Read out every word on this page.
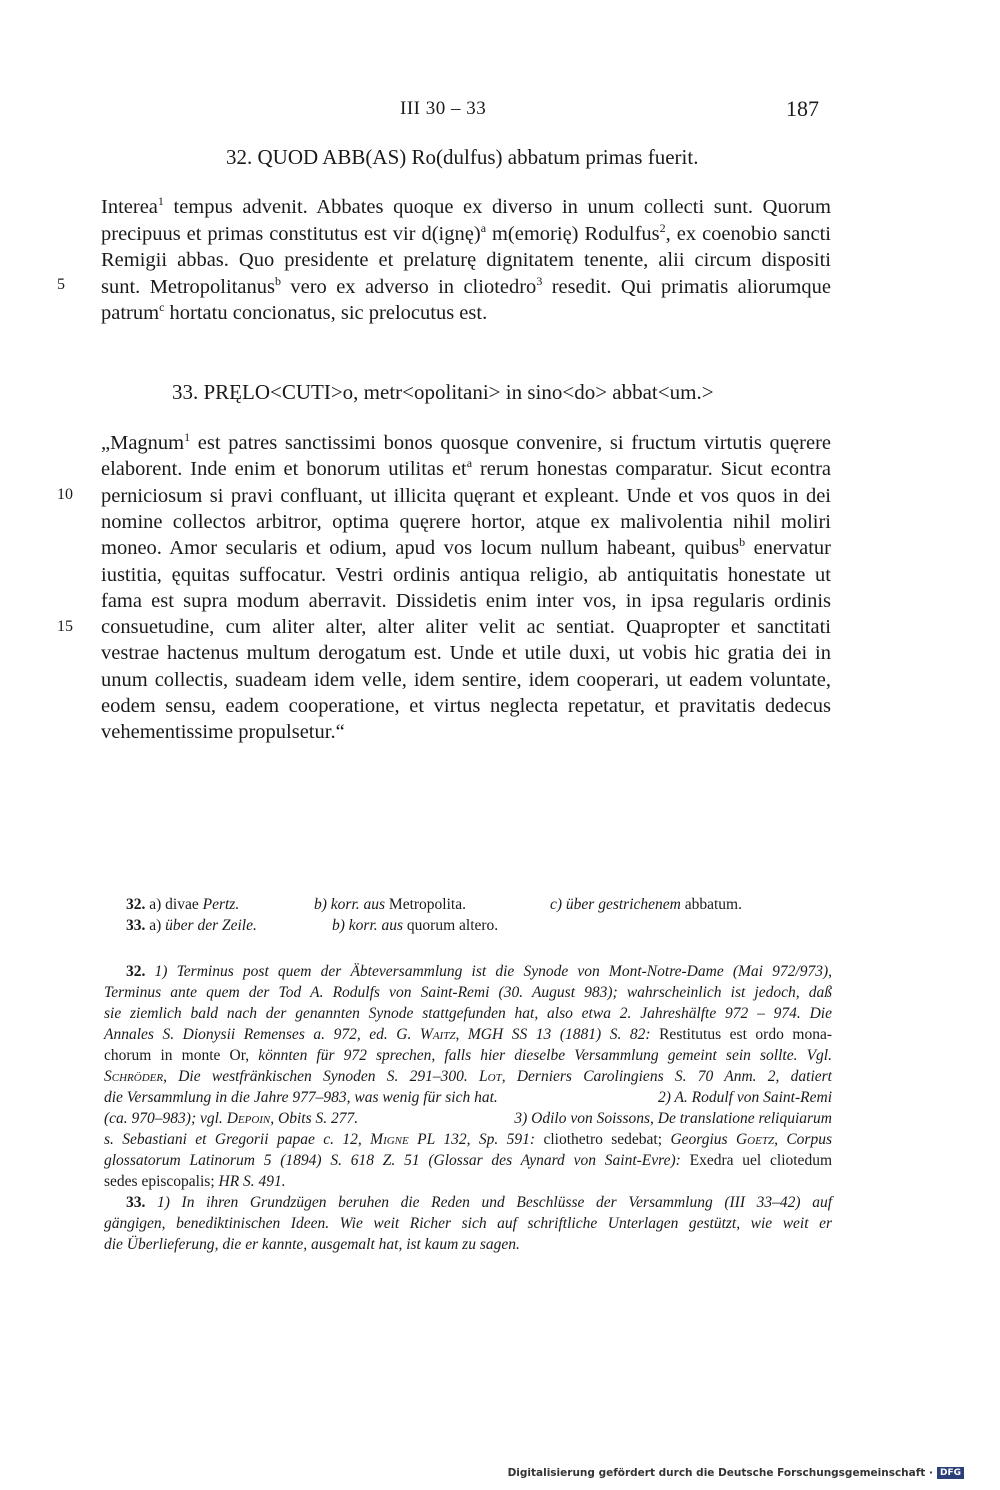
III 30 – 33	187
32. QUOD ABB(AS) Ro(dulfus) abbatum primas fuerit.
Interea$^1$ tempus advenit. Abbates quoque ex diverso in unum collecti sunt. Quorum
precipuus et primas constitutus est vir d(ignę)$^a$ m(emorię) Rodulfus$^2$, ex coenobio sancti
Remigii abbas. Quo presidente et prelaturę dignitatem tenente, alii circum dispositi
sunt. Metropolitanus$^b$ vero ex adverso in cliotedro$^3$ resedit. Qui primatis aliorumque
patrum$^c$ hortatu concionatus, sic prelocutus est.
33. PRĘLO<CUTI>o, metr<opolitani> in sino<do> abbat<um.>
„Magnum$^1$ est patres sanctissimi bonos quosque convenire, si fructum virtutis quęrere
elaborent. Inde enim et bonorum utilitas $et^a$ rerum honestas comparatur. Sicut econtra
perniciosum si pravi confluant, ut illicita quęrant et expleant. Unde et vos quos in dei
nomine collectos arbitror, optima quęrere hortor, atque ex malivolentia nihil moliri
moneo. Amor secularis et odium, apud vos locum nullum habeant, quibus$^b$ enervatur
iustitia, ęquitas suffocatur. Vestri ordinis antiqua religio, ab antiquitatis honestate ut
fama est supra modum aberravit. Dissidetis enim inter vos, in ipsa regularis ordinis
consuetudine, cum aliter alter, alter aliter velit ac sentiat. Quapropter et sanctitati
vestrae hactenus multum derogatum est. Unde et utile duxi, ut vobis hic gratia dei in
unum collectis, suadeam idem velle, idem sentire, idem cooperari, ut eadem voluntate,
eodem sensu, eadem cooperatione, et virtus neglecta repetatur, et pravitatis dedecus
vehementissime propulsetur.“
5
10
15
32. a) divae Pertz.	b) korr. aus Metropolita.	c) über gestrichenem abbatum.
33. a) über der Zeile.	b) korr. aus quorum altero.
32. 1) Terminus post quem der Äbteversammlung ist die Synode von Mont-Notre-Dame (Mai 972/973),
Terminus ante quem der Tod A. Rodulfs von Saint-Remi (30. August 983); wahrscheinlich ist jedoch, daß
sie ziemlich bald nach der genannten Synode stattgefunden hat, also etwa 2. Jahreshälfte 972 – 974. Die
Annales S. Dionysii Remenses a. 972, ed. G. Waitz, MGH SS 13 (1881) S. 82: Restitutus est ordo mona-
chorum in monte Or, könnten für 972 sprechen, falls hier dieselbe Versammlung gemeint sein sollte. Vgl.
Schröder, Die westfränkischen Synoden S. 291–300. Lot, Derniers Carolingiens S. 70 Anm. 2, datiert
die Versammlung in die Jahre 977–983, was wenig für sich hat.	2) A. Rodulf von Saint-Remi
(ca. 970–983); vgl. Depoin, Obits S. 277.	3) Odilo von Soissons, De translatione reliquiarum
s. Sebastiani et Gregorii papae c. 12, Migne PL 132, Sp. 591: cliothetro sedebat; Georgius Goetz, Corpus
glossatorum Latinorum 5 (1894) S. 618 Z. 51 (Glossar des Aynard von Saint-Evre): Exedra uel cliotedum
sedes episcopalis; HR S. 491.
33. 1) In ihren Grundzügen beruhen die Reden und Beschlüsse der Versammlung (III 33–42) auf
gängigen, benediktinischen Ideen. Wie weit Richer sich auf schriftliche Unterlagen gestützt, wie weit er
die Überlieferung, die er kannte, ausgemalt hat, ist kaum zu sagen.
Digitalisierung gefördert durch die Deutsche Forschungsgemeinschaft · DFG
